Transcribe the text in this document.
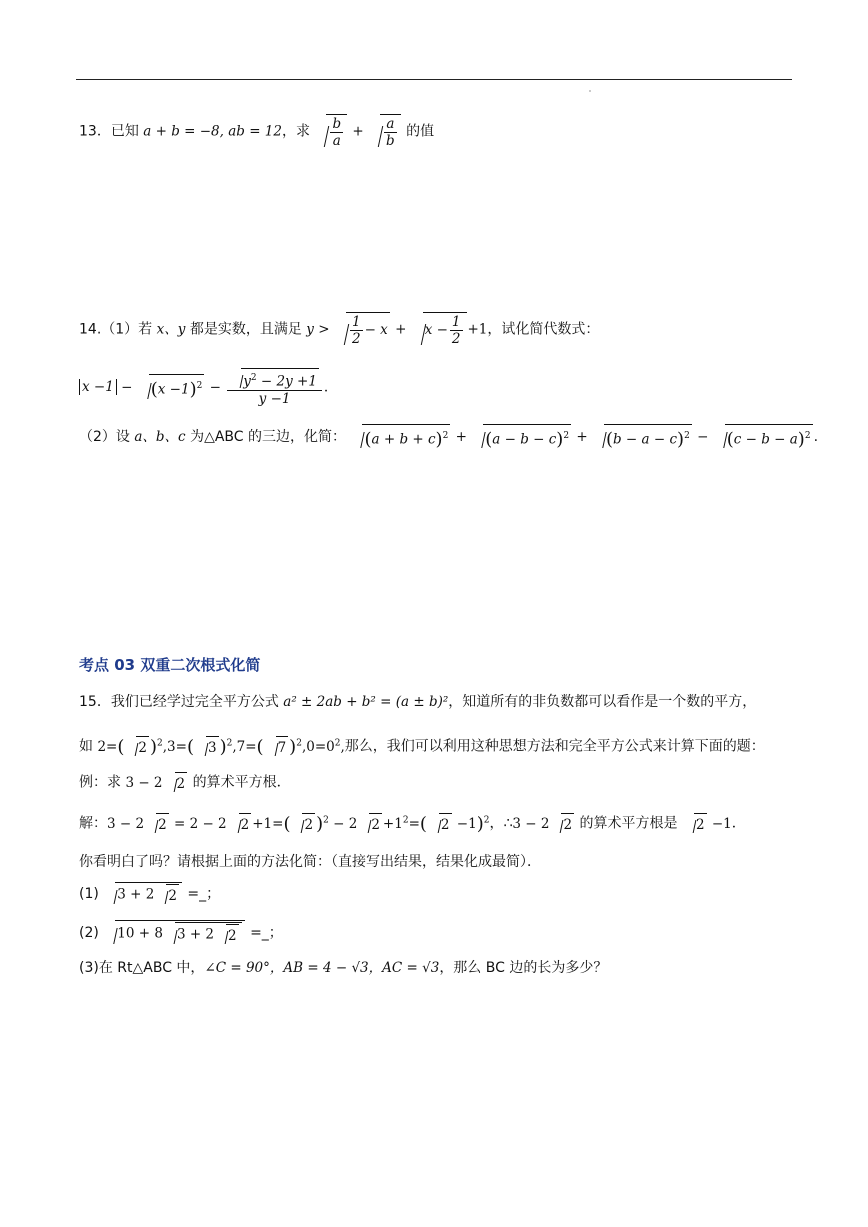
13．已知 a + b = −8, ab = 12，求 $\frac{b}{a} + \frac{a}{b}$ 的值
14.（1）若 x、y 都是实数，且满足 $y > \frac{1}{2} - x + x - \frac{1}{2} +1$，试化简代数式：
$x -1 - (x -1)^2 - \frac{y^2 - 2y +1}{y -1}$ .
（2）设 a、b、c 为△ABC 的三边，化简： $(a + b + c)^2 + (a - b - c)^2 + (b - a - c)^2 - (c - b - a)^2$ .
考点 03 双重二次根式化简
15．我们已经学过完全平方公式 a² ± 2ab + b² = (a ± b)²，知道所有的非负数都可以看作是一个数的平方，
如 2=( 2 )$^2$,3=( 3 )$^2$,7=( 7 )$^2,0=0^2$,那么，我们可以利用这种思想方法和完全平方公式来计算下面的题：
例：求 3 − 2 2 的算术平方根．
解：3 − 2 2 = 2 − 2 2 +1=( 2 )$^2$ − 2 $2 +1^2=$( 2 −1)$^2$，∴3 − 2 2 的算术平方根是 2 −1．
你看明白了吗？请根据上面的方法化简：（直接写出结果，结果化成最简）．
(1) 3 + 2 2 =_；
(2) 10 + 8 3 + 2 2 =_；
(3)在 Rt△ABC 中，∠C = 90°，AB = 4 − √3，AC = √3，那么 BC 边的长为多少？
